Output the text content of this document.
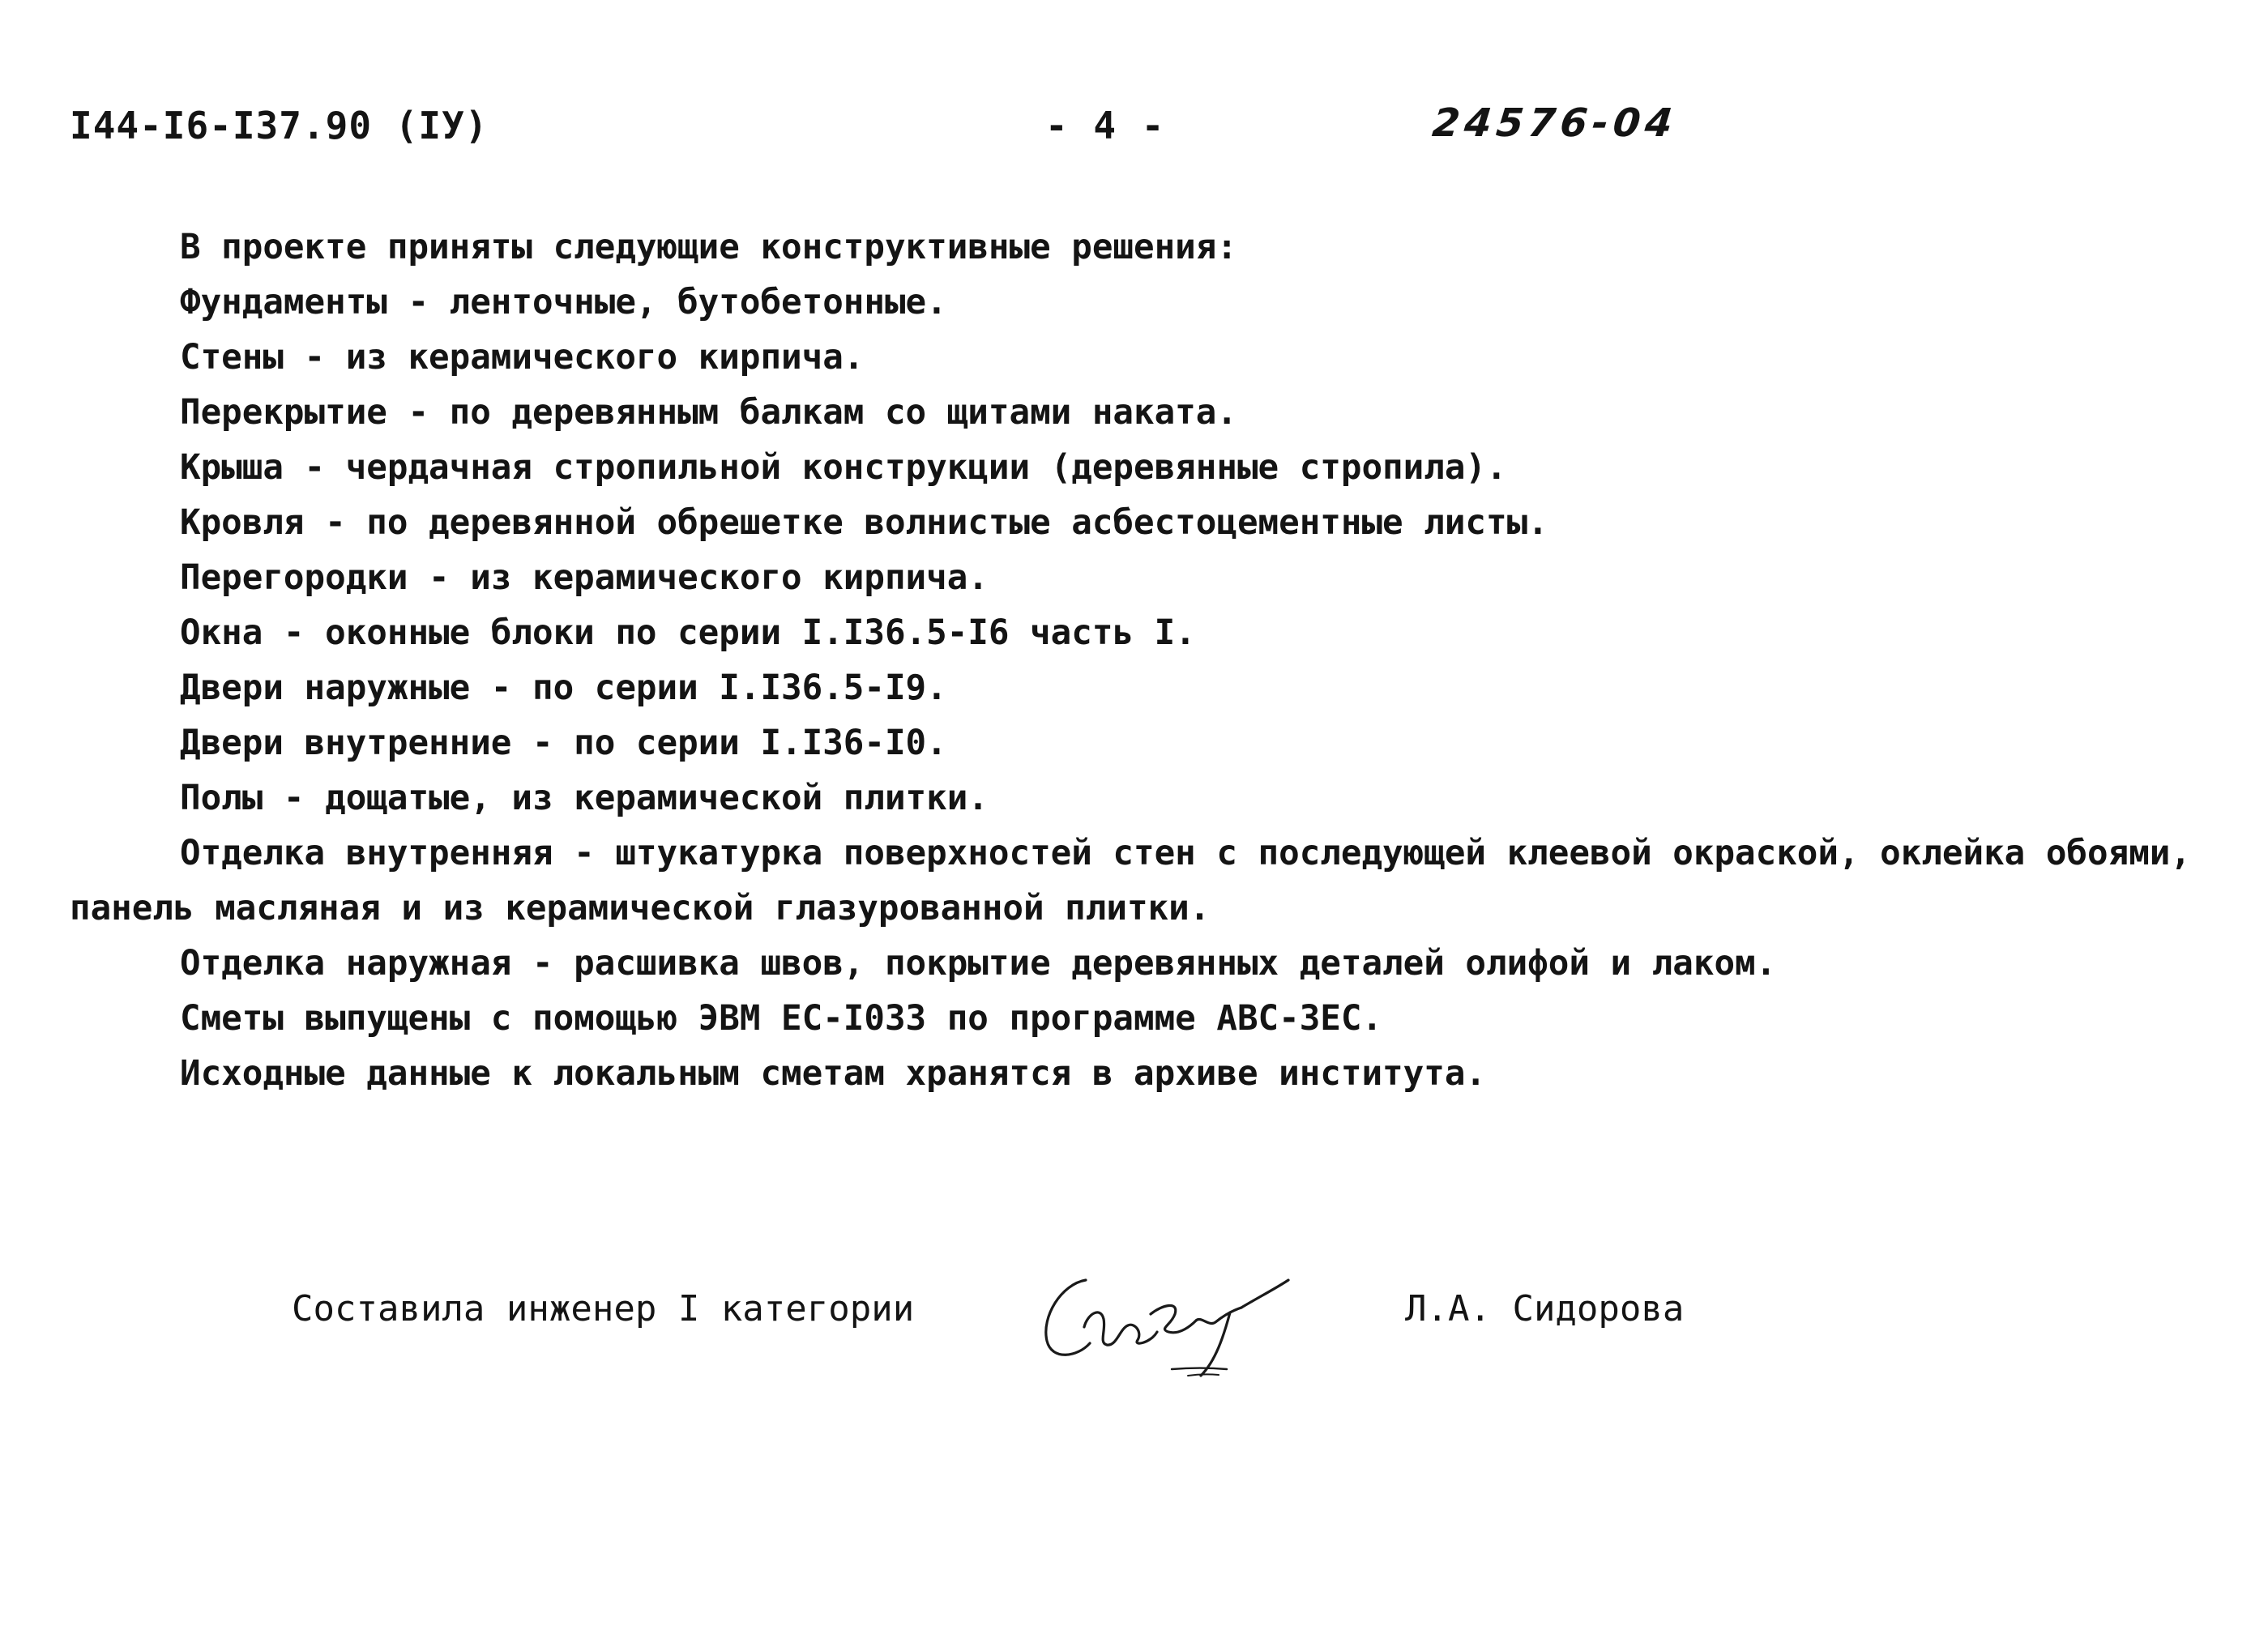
I44-I6-I37.90 (IУ)	- 4 -	24576-04

В проекте приняты следующие конструктивные решения:

Фундаменты - ленточные, бутобетонные.

Стены - из керамического кирпича.

Перекрытие - по деревянным балкам со щитами наката.

Крыша - чердачная стропильной конструкции (деревянные стропила).

Кровля - по деревянной обрешетке волнистые асбестоцементные листы.

Перегородки - из керамического кирпича.

Окна - оконные блоки по серии I.I36.5-I6 часть I.

Двери наружные - по серии I.I36.5-I9.

Двери внутренние - по серии I.I36-I0.

Полы - дощатые, из керамической плитки.

Отделка внутренняя - штукатурка поверхностей стен с последующей клеевой окраской, оклейка обоями, панель масляная и из керамической глазурованной плитки.

Отделка наружная - расшивка швов, покрытие деревянных деталей олифой и лаком.

Сметы выпущены с помощью ЭВМ ЕС-I033 по программе АВС-3ЕС.

Исходные данные к локальным сметам хранятся в архиве института.

Составила инженер I категории	Л.А. Сидорова
